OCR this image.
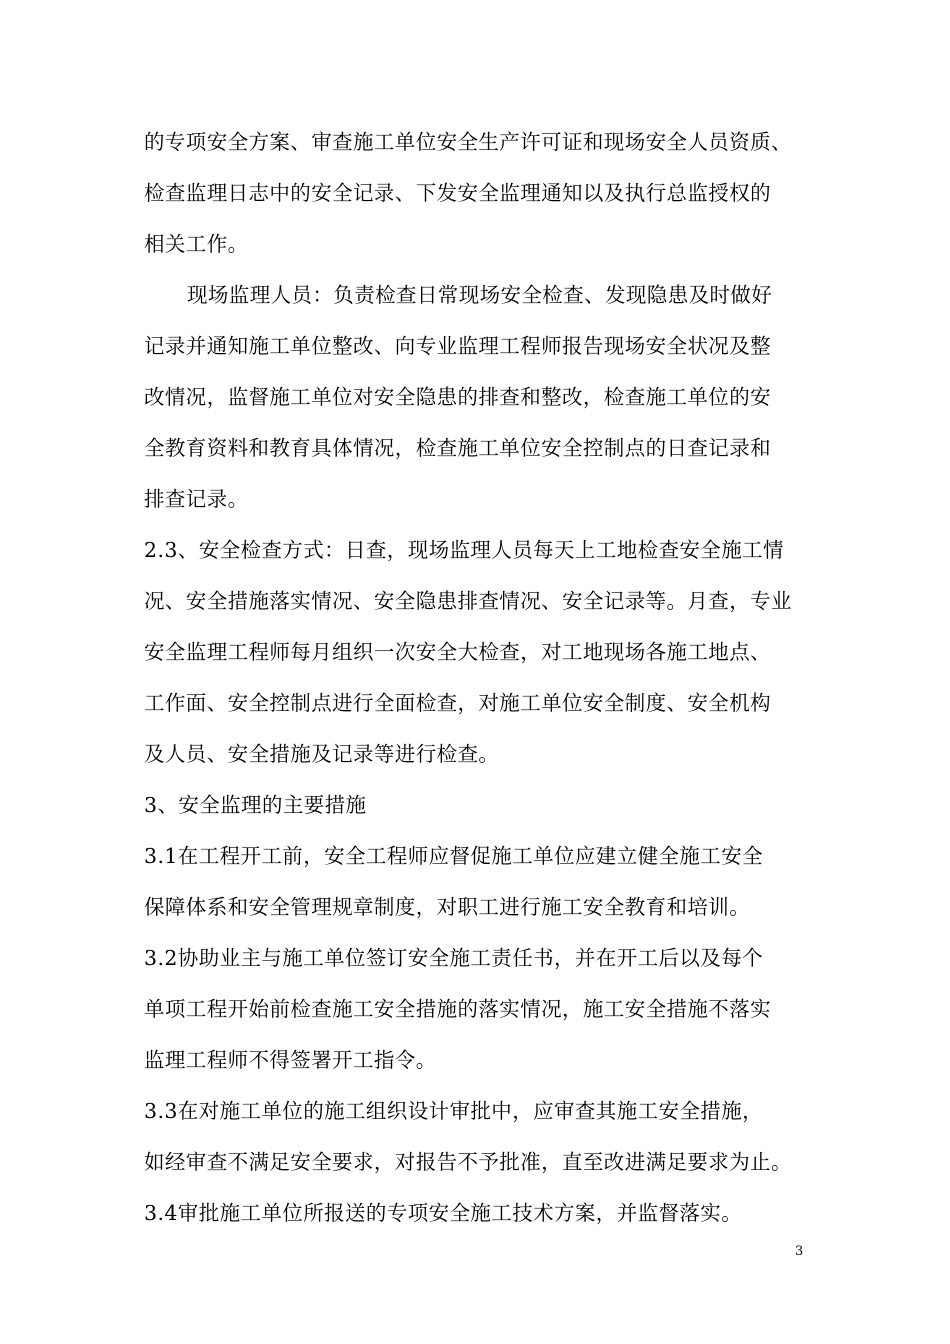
的专项安全方案、审查施工单位安全生产许可证和现场安全人员资质、
检查监理日志中的安全记录、下发安全监理通知以及执行总监授权的
相关工作。
现场监理人员：负责检查日常现场安全检查、发现隐患及时做好
记录并通知施工单位整改、向专业监理工程师报告现场安全状况及整
改情况，监督施工单位对安全隐患的排查和整改，检查施工单位的安
全教育资料和教育具体情况，检查施工单位安全控制点的日查记录和
排查记录。
2.3、安全检查方式：日查，现场监理人员每天上工地检查安全施工情
况、安全措施落实情况、安全隐患排查情况、安全记录等。月查，专业
安全监理工程师每月组织一次安全大检查，对工地现场各施工地点、
工作面、安全控制点进行全面检查，对施工单位安全制度、安全机构
及人员、安全措施及记录等进行检查。
3、安全监理的主要措施
3.1在工程开工前，安全工程师应督促施工单位应建立健全施工安全
保障体系和安全管理规章制度，对职工进行施工安全教育和培训。
3.2协助业主与施工单位签订安全施工责任书，并在开工后以及每个
单项工程开始前检查施工安全措施的落实情况，施工安全措施不落实
监理工程师不得签署开工指令。
3.3在对施工单位的施工组织设计审批中，应审查其施工安全措施，
如经审查不满足安全要求，对报告不予批准，直至改进满足要求为止。
3.4审批施工单位所报送的专项安全施工技术方案，并监督落实。
3
